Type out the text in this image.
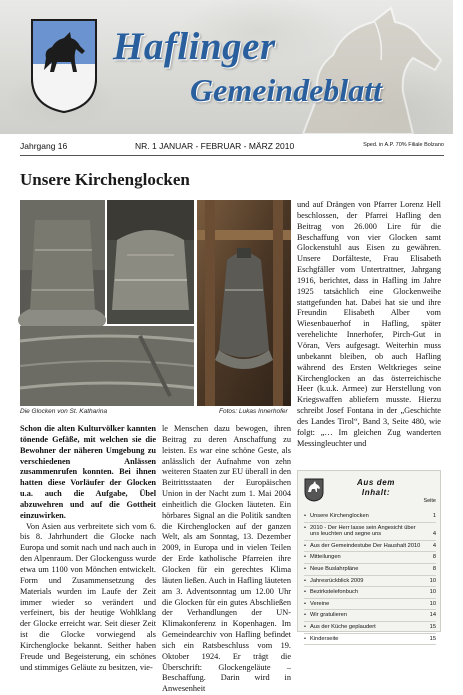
Haflinger
Gemeindeblatt
Jahrgang 16	NR. 1 JANUAR - FEBRUAR - MÄRZ 2010	Sped. in A.P. 70% Filiale Bolzano
Unsere Kirchenglocken
Die Glocken von St. Katharina	Fotos: Lukas Innerhofer
Schon die alten Kulturvölker kannten tönende Gefäße, mit welchen sie die Bewohner der näheren Umgebung zu verschiedenen Anlässen zusammenrufen konnten. Bei ihnen hatten diese Vorläufer der Glocken u.a. auch die Aufgabe, Übel abzuwehren und auf die Gottheit einzuwirken.
Von Asien aus verbreitete sich vom 6. bis 8. Jahrhundert die Glocke nach Europa und somit nach und nach auch in den Alpenraum. Der Glockenguss wurde etwa um 1100 von Mönchen entwickelt. Form und Zusammensetzung des Materials wurden im Laufe der Zeit immer wieder so verändert und verfeinert, bis der heutige Wohlklang der Glocke erreicht war. Seit dieser Zeit ist die Glocke vorwiegend als Kirchenglocke bekannt. Seither haben Freude und Begeisterung, ein schönes und stimmiges Geläute zu besitzen, vie-
le Menschen dazu bewogen, ihren Beitrag zu deren Anschaffung zu leisten. Es war eine schöne Geste, als anlässlich der Aufnahme von zehn weiteren Staaten zur EU überall in den Beitrittsstaaten der Europäischen Union in der Nacht zum 1. Mai 2004 einheitlich die Glocken läuteten. Ein hörbares Signal an die Politik sandten die Kirchenglocken auf der ganzen Welt, als am Sonntag, 13. Dezember 2009, in Europa und in vielen Teilen der Erde katholische Pfarreien ihre Glocken für ein gerechtes Klima läuten ließen. Auch in Hafling läuteten am 3. Adventsonntag um 12.00 Uhr die Glocken für ein gutes Abschließen der Verhandlungen der UN-Klimakonferenz in Kopenhagen. Im Gemeindearchiv von Hafling befindet sich ein Ratsbeschluss vom 19. Oktober 1924. Er trägt die Überschrift: Glockengeläute – Beschaffung. Darin wird in Anwesenheit
und auf Drängen von Pfarrer Lorenz Hell beschlossen, der Pfarrei Hafling den Beitrag von 26.000 Lire für die Beschaffung von vier Glocken samt Glockenstuhl aus Eisen zu gewähren. Unsere Dorfälteste, Frau Elisabeth Eschgfäller vom Untertrattner, Jahrgang 1916, berichtet, dass in Hafling im Jahre 1925 tatsächlich eine Glockenweihe stattgefunden hat. Dabei hat sie und ihre Freundin Elisabeth Alber vom Wiesenbauerhof in Hafling, später verehelichte Innerhofer, Pirch-Gut in Vöran, Vers aufgesagt. Weiterhin muss unbekannt bleiben, ob auch Hafling während des Ersten Weltkrieges seine Kirchenglocken an das österreichische Heer (k.u.k. Armee) zur Herstellung von Kriegswaffen abliefern musste. Hierzu schreibt Josef Fontana in der „Geschichte des Landes Tirol“, Band 3, Seite 480, wie folgt: „… Im gleichen Zug wanderten Messingleuchter und
Aus dem Inhalt:
Seite
• Unsere Kirchenglocken	1
• 2010 - Der Herr lasse sein Angesicht über uns leuchten und segne uns	4
• Aus der Gemeindestube Der Haushalt 2010 4
• Mitteilungen	8
• Neue Buslahrpläne	8
• Jahresrückblick 2009	10
• Bezirkstelefonbuch	10
• Vereine	10
• Wir gratulieren	14
• Aus der Küche geplaudert	15
• Kinderseite	15
